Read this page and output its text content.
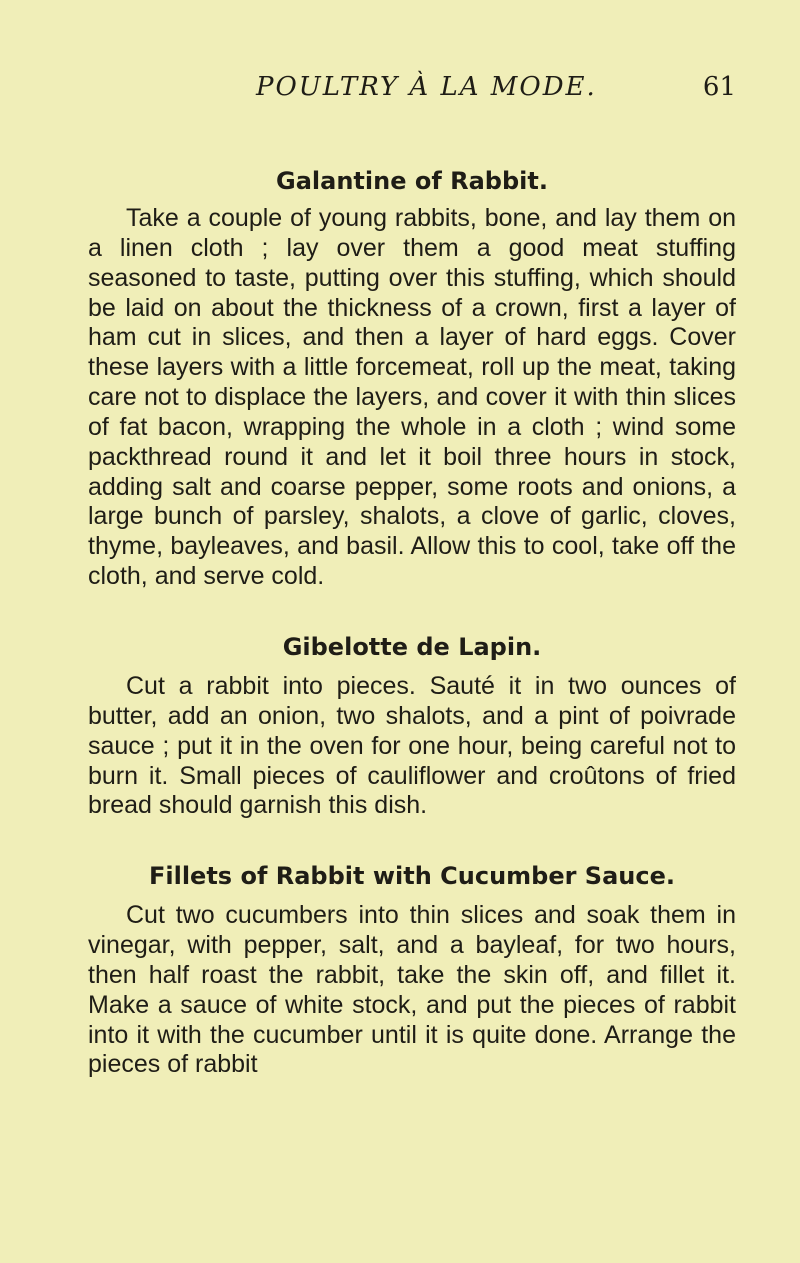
POULTRY À LA MODE.	61
Galantine of Rabbit.

Take a couple of young rabbits, bone, and lay them on a linen cloth ; lay over them a good meat stuffing seasoned to taste, putting over this stuffing, which should be laid on about the thickness of a crown, first a layer of ham cut in slices, and then a layer of hard eggs. Cover these layers with a little forcemeat, roll up the meat, taking care not to displace the layers, and cover it with thin slices of fat bacon, wrapping the whole in a cloth ; wind some packthread round it and let it boil three hours in stock, adding salt and coarse pepper, some roots and onions, a large bunch of parsley, shalots, a clove of garlic, cloves, thyme, bayleaves, and basil. Allow this to cool, take off the cloth, and serve cold.

Gibelotte de Lapin.

Cut a rabbit into pieces. Sauté it in two ounces of butter, add an onion, two shalots, and a pint of poivrade sauce ; put it in the oven for one hour, being careful not to burn it. Small pieces of cauliflower and croûtons of fried bread should garnish this dish.

Fillets of Rabbit with Cucumber Sauce.

Cut two cucumbers into thin slices and soak them in vinegar, with pepper, salt, and a bayleaf, for two hours, then half roast the rabbit, take the skin off, and fillet it. Make a sauce of white stock, and put the pieces of rabbit into it with the cucumber until it is quite done. Arrange the pieces of rabbit
